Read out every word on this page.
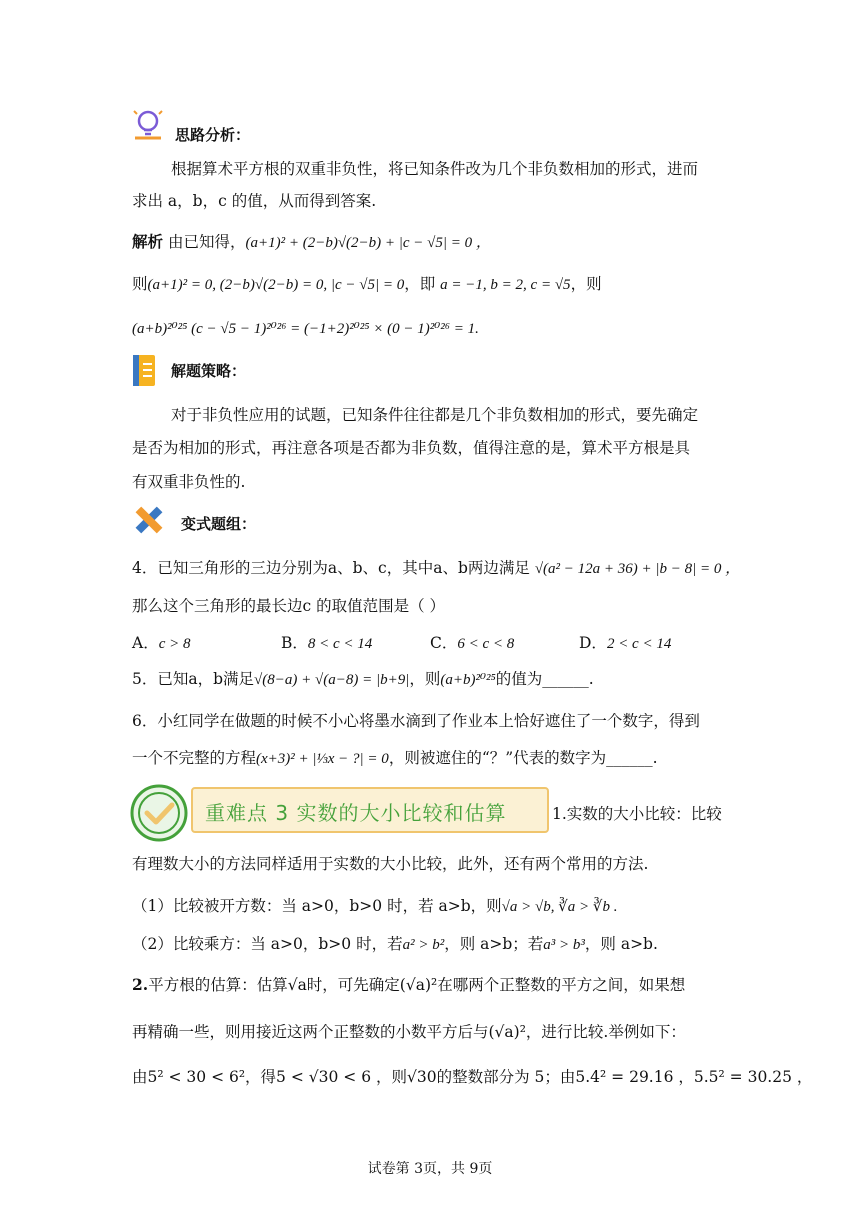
思路分析：
根据算术平方根的双重非负性，将已知条件改为几个非负数相加的形式，进而
求出 a，b，c 的值，从而得到答案.
解析 由已知得，(a+1)² + (2−b)√(2−b) + |c − √5| = 0 ，
则(a+1)² = 0, (2−b)√(2−b) = 0, |c − √5| = 0，即 a = −1, b = 2, c = √5，则
(a+b)²⁰²⁵ (c − √5 − 1)²⁰²⁶ = (−1+2)²⁰²⁵ × (0 − 1)²⁰²⁶ = 1.
解题策略：
对于非负性应用的试题，已知条件往往都是几个非负数相加的形式，要先确定
是否为相加的形式，再注意各项是否都为非负数，值得注意的是，算术平方根是具
有双重非负性的.
变式题组：
4．已知三角形的三边分别为a、b、c，其中a、b两边满足 √(a² − 12a + 36) + |b − 8| = 0 ，
那么这个三角形的最长边c 的取值范围是（ ）
A．c > 8	B．8 < c < 14	C．6 < c < 8	D．2 < c < 14
5．已知a，b满足√(8−a) + √(a−8) = |b+9|，则(a+b)²⁰²⁵的值为______.
6．小红同学在做题的时候不小心将墨水滴到了作业本上恰好遮住了一个数字，得到
一个不完整的方程(x+3)² + |⅓x − ?| = 0，则被遮住的“？”代表的数字为______.
重难点 3 实数的大小比较和估算	1.实数的大小比较：比较
有理数大小的方法同样适用于实数的大小比较，此外，还有两个常用的方法.
（1）比较被开方数：当 a>0，b>0 时，若 a>b，则√a > √b, ∛a > ∛b .
（2）比较乘方：当 a>0，b>0 时，若a² > b²，则 a>b；若a³ > b³，则 a>b.
2.平方根的估算：估算√a时，可先确定(√a)²在哪两个正整数的平方之间，如果想
再精确一些，则用接近这两个正整数的小数平方后与(√a)²，进行比较.举例如下：
由5² < 30 < 6²，得5 < √30 < 6 ，则√30的整数部分为 5；由5.4² = 29.16 ，5.5² = 30.25 ，
试卷第 3页，共 9页
